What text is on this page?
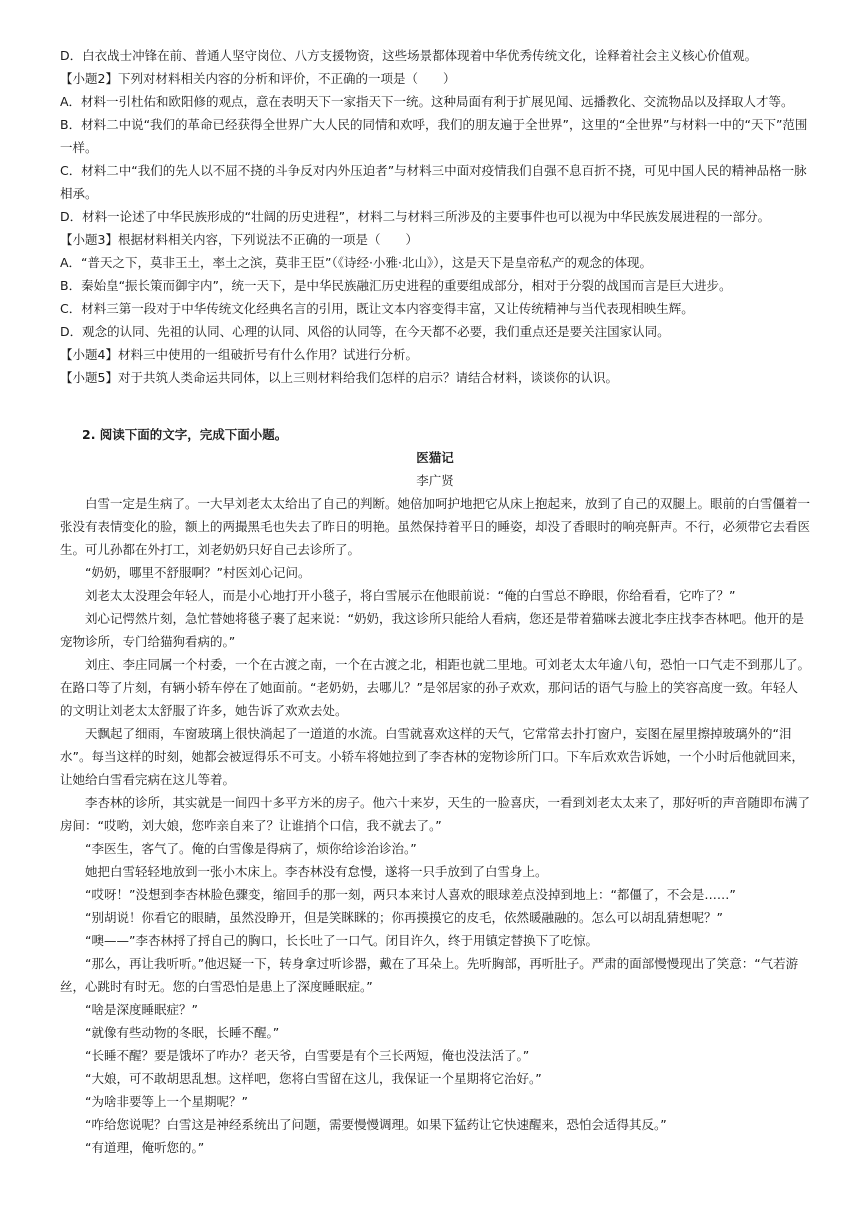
D．白衣战士冲锋在前、普通人坚守岗位、八方支援物资，这些场景都体现着中华优秀传统文化，诠释着社会主义核心价值观。
【小题2】下列对材料相关内容的分析和评价，不正确的一项是（　　）
A．材料一引杜佑和欧阳修的观点，意在表明天下一家指天下一统。这种局面有利于扩展见闻、远播教化、交流物品以及择取人才等。
B．材料二中说“我们的革命已经获得全世界广大人民的同情和欢呼，我们的朋友遍于全世界”，这里的“全世界”与材料一中的“天下”范围一样。
C．材料二中“我们的先人以不屈不挠的斗争反对内外压迫者”与材料三中面对疫情我们自强不息百折不挠，可见中国人民的精神品格一脉相承。
D．材料一论述了中华民族形成的“壮阔的历史进程”，材料二与材料三所涉及的主要事件也可以视为中华民族发展进程的一部分。
【小题3】根据材料相关内容，下列说法不正确的一项是（　　）
A．“普天之下，莫非王土，率土之滨，莫非王臣”（《诗经·小雅·北山》），这是天下是皇帝私产的观念的体现。
B．秦始皇“振长策而御宇内”，统一天下，是中华民族融汇历史进程的重要组成部分，相对于分裂的战国而言是巨大进步。
C．材料三第一段对于中华传统文化经典名言的引用，既让文本内容变得丰富，又让传统精神与当代表现相映生辉。
D．观念的认同、先祖的认同、心理的认同、风俗的认同等，在今天都不必要，我们重点还是要关注国家认同。
【小题4】材料三中使用的一组破折号有什么作用？试进行分析。
【小题5】对于共筑人类命运共同体，以上三则材料给我们怎样的启示？请结合材料，谈谈你的认识。
2. 阅读下面的文字，完成下面小题。
医猫记
李广贤
白雪一定是生病了。一大早刘老太太给出了自己的判断。她倍加呵护地把它从床上抱起来，放到了自己的双腿上。眼前的白雪僵着一张没有表情变化的脸，额上的两撮黑毛也失去了昨日的明艳。虽然保持着平日的睡姿，却没了香眼时的响亮鼾声。不行，必须带它去看医生。可儿孙都在外打工，刘老奶奶只好自己去诊所了。
“奶奶，哪里不舒服啊？”村医刘心记问。
刘老太太没理会年轻人，而是小心地打开小毯子，将白雪展示在他眼前说：“俺的白雪总不睁眼，你给看看，它咋了？”
刘心记愕然片刻，急忙替她将毯子裹了起来说：“奶奶，我这诊所只能给人看病，您还是带着猫咪去渡北李庄找李杏林吧。他开的是宠物诊所，专门给猫狗看病的。”
刘庄、李庄同属一个村委，一个在古渡之南，一个在古渡之北，相距也就二里地。可刘老太太年逾八旬，恐怕一口气走不到那儿了。在路口等了片刻，有辆小轿车停在了她面前。“老奶奶，去哪儿？”是邻居家的孙子欢欢，那问话的语气与脸上的笑容高度一致。年轻人的文明让刘老太太舒服了许多，她告诉了欢欢去处。
天飘起了细雨，车窗玻璃上很快淌起了一道道的水流。白雪就喜欢这样的天气，它常常去扑打窗户，妄图在屋里擦掉玻璃外的“泪水”。每当这样的时刻，她都会被逗得乐不可支。小轿车将她拉到了李杏林的宠物诊所门口。下车后欢欢告诉她，一个小时后他就回来，让她给白雪看完病在这儿等着。
李杏林的诊所，其实就是一间四十多平方米的房子。他六十来岁，天生的一脸喜庆，一看到刘老太太来了，那好听的声音随即布满了房间：“哎哟，刘大娘，您咋亲自来了？让谁捎个口信，我不就去了。”
“李医生，客气了。俺的白雪像是得病了，烦你给诊治诊治。”
她把白雪轻轻地放到一张小木床上。李杏林没有怠慢，遂将一只手放到了白雪身上。
“哎呀！”没想到李杏林脸色骤变，缩回手的那一刻，两只本来讨人喜欢的眼球差点没掉到地上：“都僵了，不会是……”
“别胡说！你看它的眼睛，虽然没睁开，但是笑眯眯的；你再摸摸它的皮毛，依然暖融融的。怎么可以胡乱猜想呢？”
“噢——”李杏林捋了捋自己的胸口，长长吐了一口气。闭目许久，终于用镇定替换下了吃惊。
“那么，再让我听听。”他迟疑一下，转身拿过听诊器，戴在了耳朵上。先听胸部，再听肚子。严肃的面部慢慢现出了笑意：“气若游丝，心跳时有时无。您的白雪恐怕是患上了深度睡眠症。”
“啥是深度睡眠症？”
“就像有些动物的冬眠，长睡不醒。”
“长睡不醒？要是饿坏了咋办？老天爷，白雪要是有个三长两短，俺也没法活了。”
“大娘，可不敢胡思乱想。这样吧，您将白雪留在这儿，我保证一个星期将它治好。”
“为啥非要等上一个星期呢？”
“咋给您说呢？白雪这是神经系统出了问题，需要慢慢调理。如果下猛药让它快速醒来，恐怕会适得其反。”
“有道理，俺听您的。”
